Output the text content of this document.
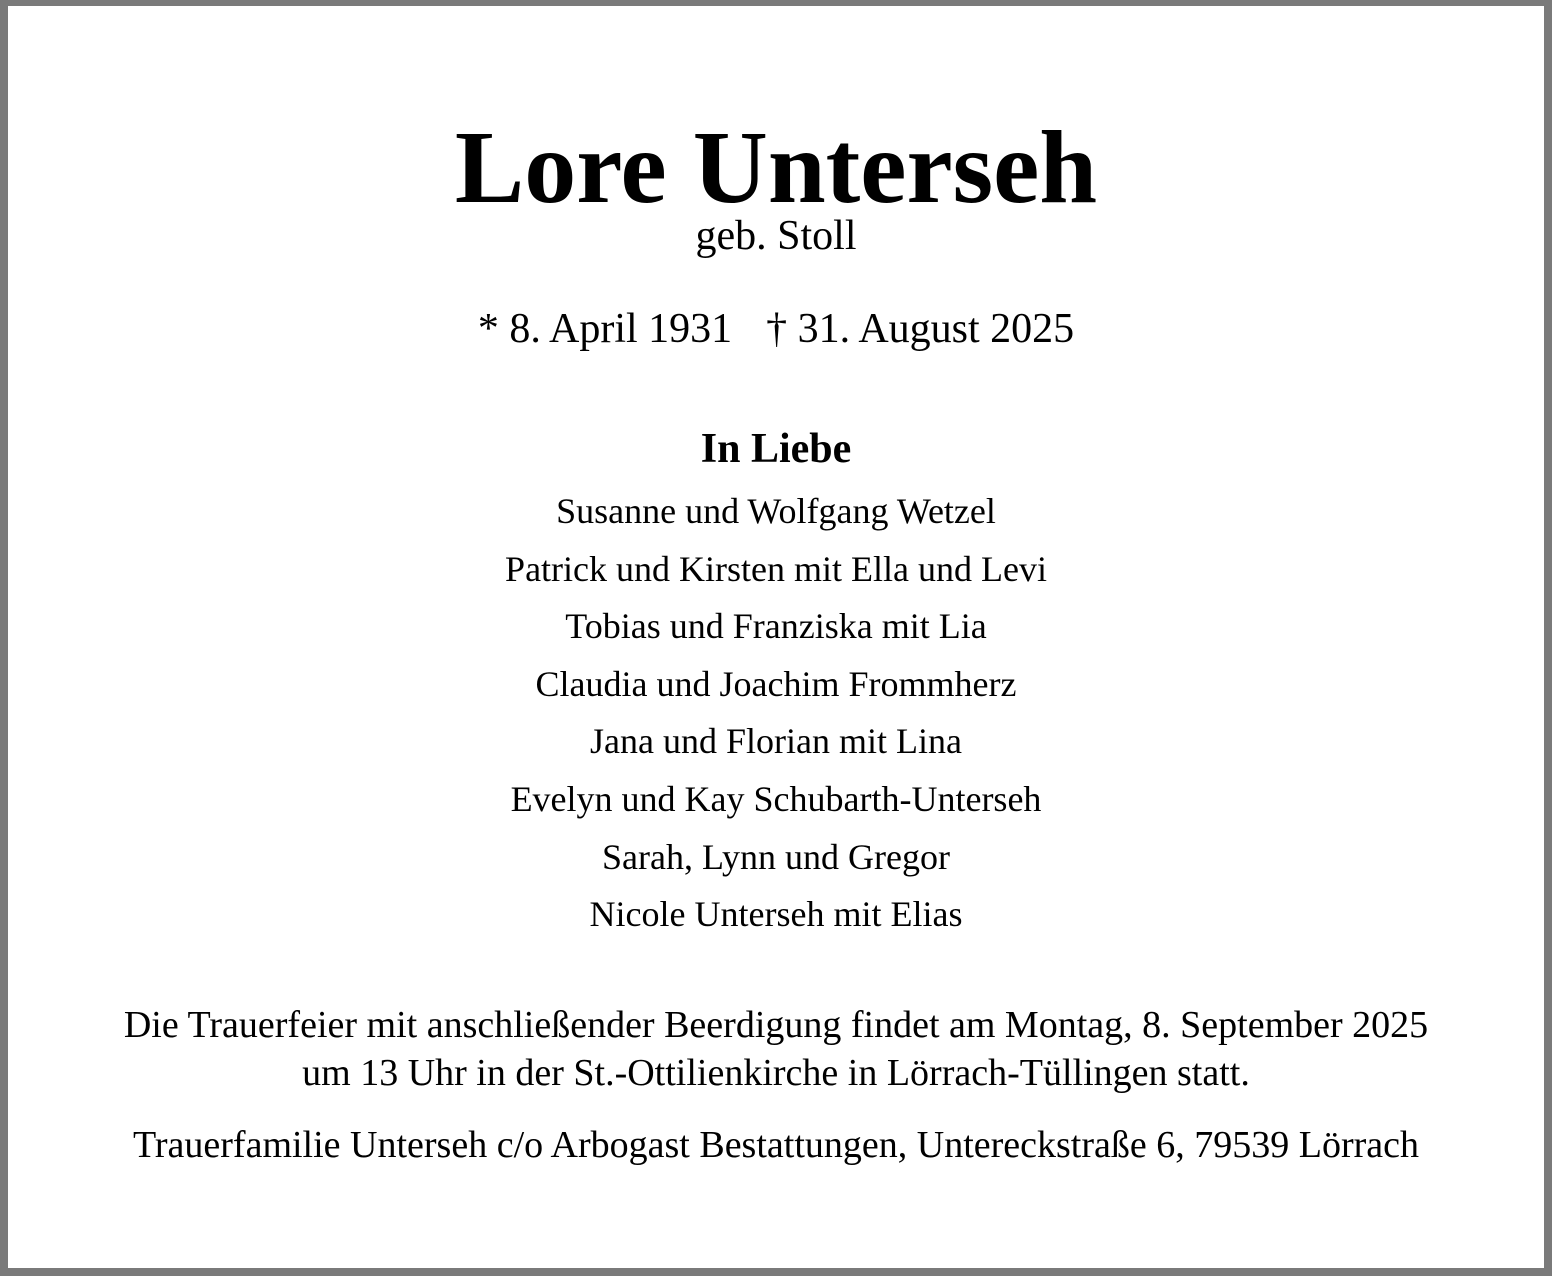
Lore Unterseh

geb. Stoll

* 8. April 1931 † 31. August 2025

In Liebe
Susanne und Wolfgang Wetzel
Patrick und Kirsten mit Ella und Levi
Tobias und Franziska mit Lia
Claudia und Joachim Frommherz
Jana und Florian mit Lina
Evelyn und Kay Schubarth-Unterseh
Sarah, Lynn und Gregor
Nicole Unterseh mit Elias
Die Trauerfeier mit anschließender Beerdigung findet am Montag, 8. September 2025
um 13 Uhr in der St.-Ottilienkirche in Lörrach-Tüllingen statt.

Trauerfamilie Unterseh c/o Arbogast Bestattungen, Untereckstraße 6, 79539 Lörrach
